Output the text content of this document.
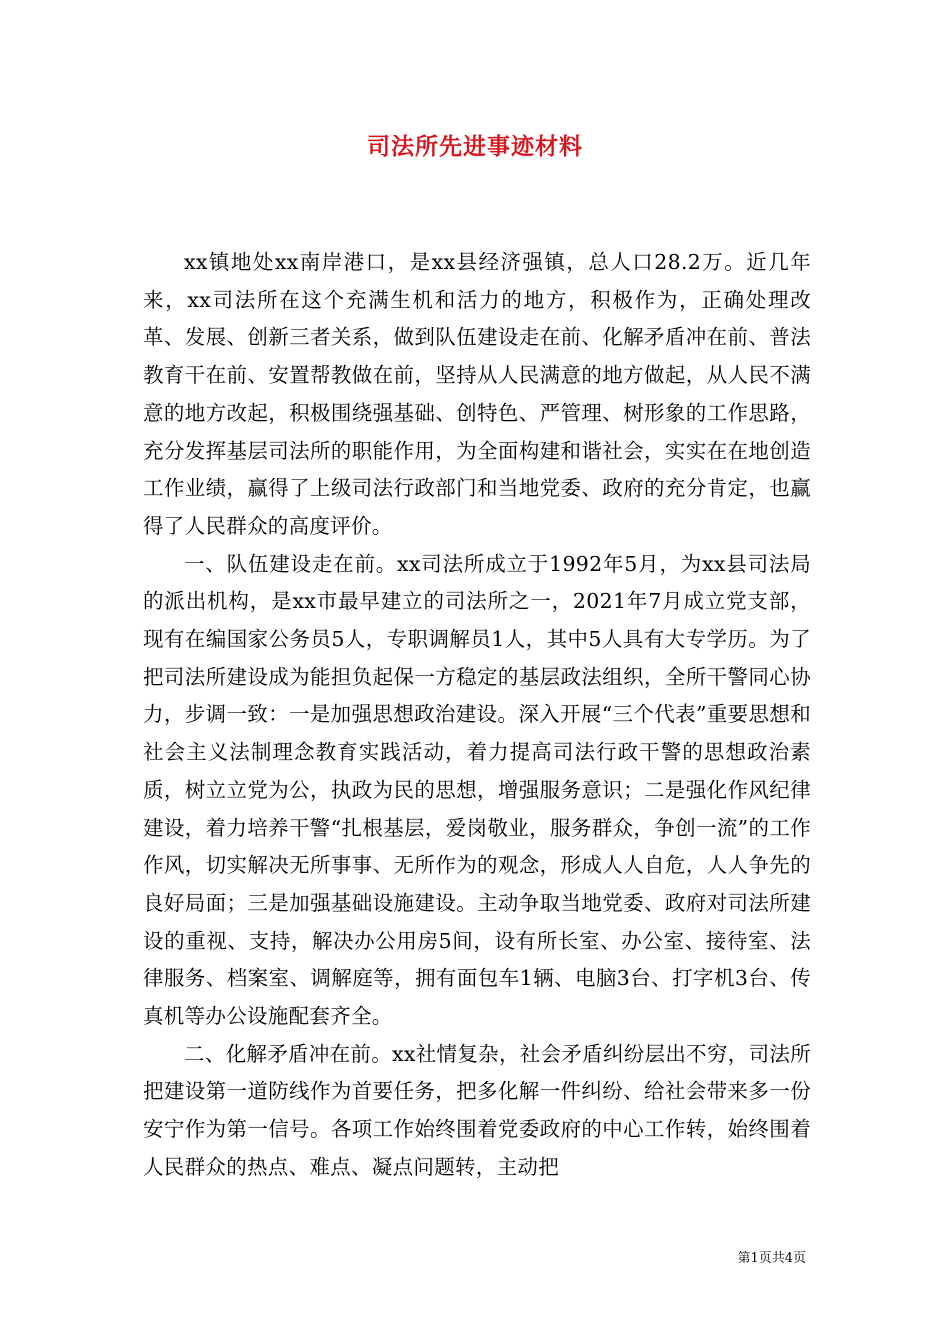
司法所先进事迹材料

xx镇地处xx南岸港口，是xx县经济强镇，总人口28.2万。近几年来，xx司法所在这个充满生机和活力的地方，积极作为，正确处理改革、发展、创新三者关系，做到队伍建设走在前、化解矛盾冲在前、普法教育干在前、安置帮教做在前，坚持从人民满意的地方做起，从人民不满意的地方改起，积极围绕强基础、创特色、严管理、树形象的工作思路，充分发挥基层司法所的职能作用，为全面构建和谐社会，实实在在地创造工作业绩，赢得了上级司法行政部门和当地党委、政府的充分肯定，也赢得了人民群众的高度评价。

一、队伍建设走在前。xx司法所成立于1992年5月，为xx县司法局的派出机构，是xx市最早建立的司法所之一，2021年7月成立党支部，现有在编国家公务员5人，专职调解员1人，其中5人具有大专学历。为了把司法所建设成为能担负起保一方稳定的基层政法组织，全所干警同心协力，步调一致：一是加强思想政治建设。深入开展“三个代表”重要思想和社会主义法制理念教育实践活动，着力提高司法行政干警的思想政治素质，树立立党为公，执政为民的思想，增强服务意识；二是强化作风纪律建设，着力培养干警“扎根基层，爱岗敬业，服务群众，争创一流”的工作作风，切实解决无所事事、无所作为的观念，形成人人自危，人人争先的良好局面；三是加强基础设施建设。主动争取当地党委、政府对司法所建设的重视、支持，解决办公用房5间，设有所长室、办公室、接待室、法律服务、档案室、调解庭等，拥有面包车1辆、电脑3台、打字机3台、传真机等办公设施配套齐全。

二、化解矛盾冲在前。xx社情复杂，社会矛盾纠纷层出不穷，司法所把建设第一道防线作为首要任务，把多化解一件纠纷、给社会带来多一份安宁作为第一信号。各项工作始终围着党委政府的中心工作转，始终围着人民群众的热点、难点、凝点问题转，主动把

第1页共4页
